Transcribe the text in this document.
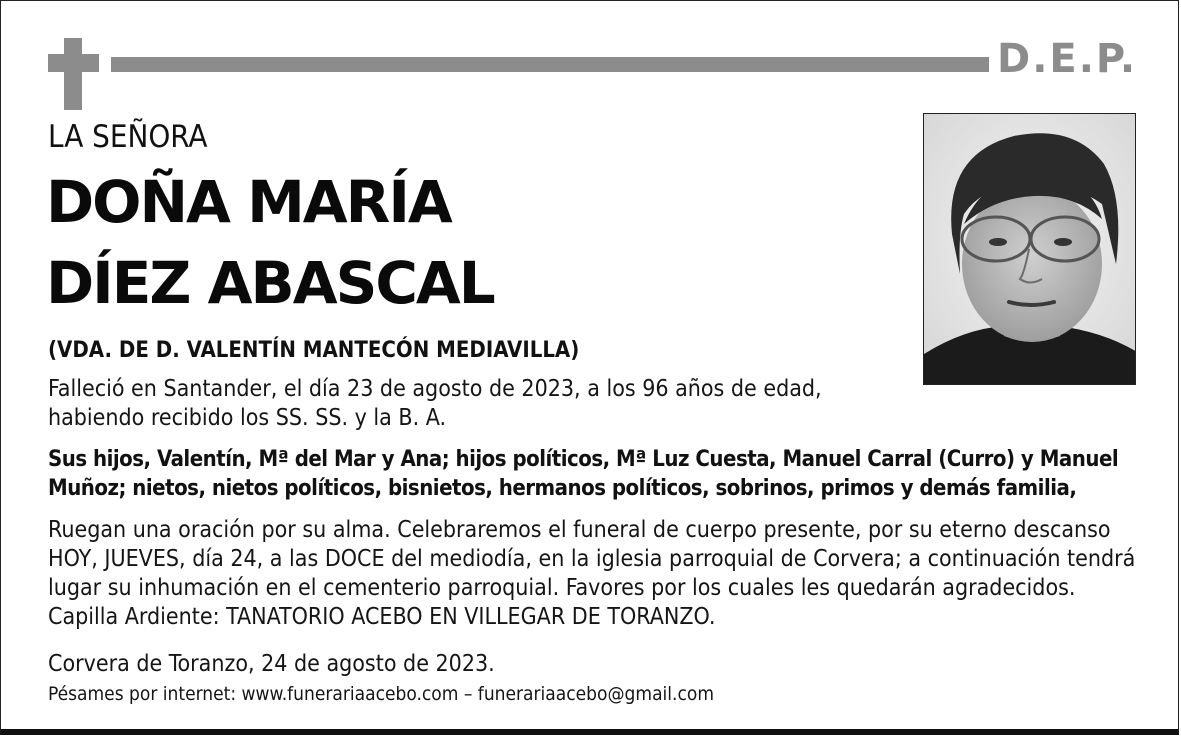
D.E.P.
LA SEÑORA
DOÑA MARÍA
DÍEZ ABASCAL
(VDA. DE D. VALENTÍN MANTECÓN MEDIAVILLA)
Falleció en Santander, el día 23 de agosto de 2023, a los 96 años de edad, habiendo recibido los SS. SS. y la B. A.
Sus hijos, Valentín, Mª del Mar y Ana; hijos políticos, Mª Luz Cuesta, Manuel Carral (Curro) y Manuel Muñoz; nietos, nietos políticos, bisnietos, hermanos políticos, sobrinos, primos y demás familia,
Ruegan una oración por su alma. Celebraremos el funeral de cuerpo presente, por su eterno descanso HOY, JUEVES, día 24, a las DOCE del mediodía, en la iglesia parroquial de Corvera; a continuación tendrá lugar su inhumación en el cementerio parroquial. Favores por los cuales les quedarán agradecidos. Capilla Ardiente: TANATORIO ACEBO EN VILLEGAR DE TORANZO.
Corvera de Toranzo, 24 de agosto de 2023.
Pésames por internet: www.funerariaacebo.com – funerariaacebo@gmail.com
